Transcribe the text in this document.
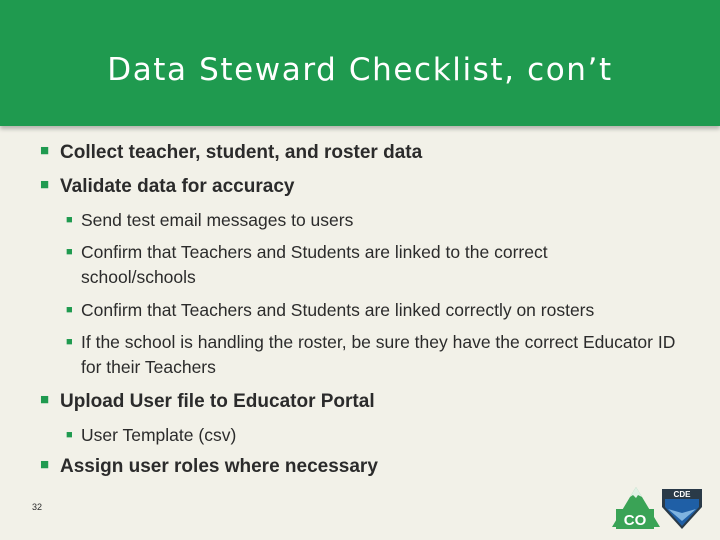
Data Steward Checklist, con’t
■ Collect teacher, student, and roster data
■ Validate data for accuracy
■ Send test email messages to users
■ Confirm that Teachers and Students are linked to the correct school/schools
■ Confirm that Teachers and Students are linked correctly on rosters
■ If the school is handling the roster, be sure they have the correct Educator ID for their Teachers
■ Upload User file to Educator Portal
■ User Template (csv)
■ Assign user roles where necessary
32
CO
CDE
